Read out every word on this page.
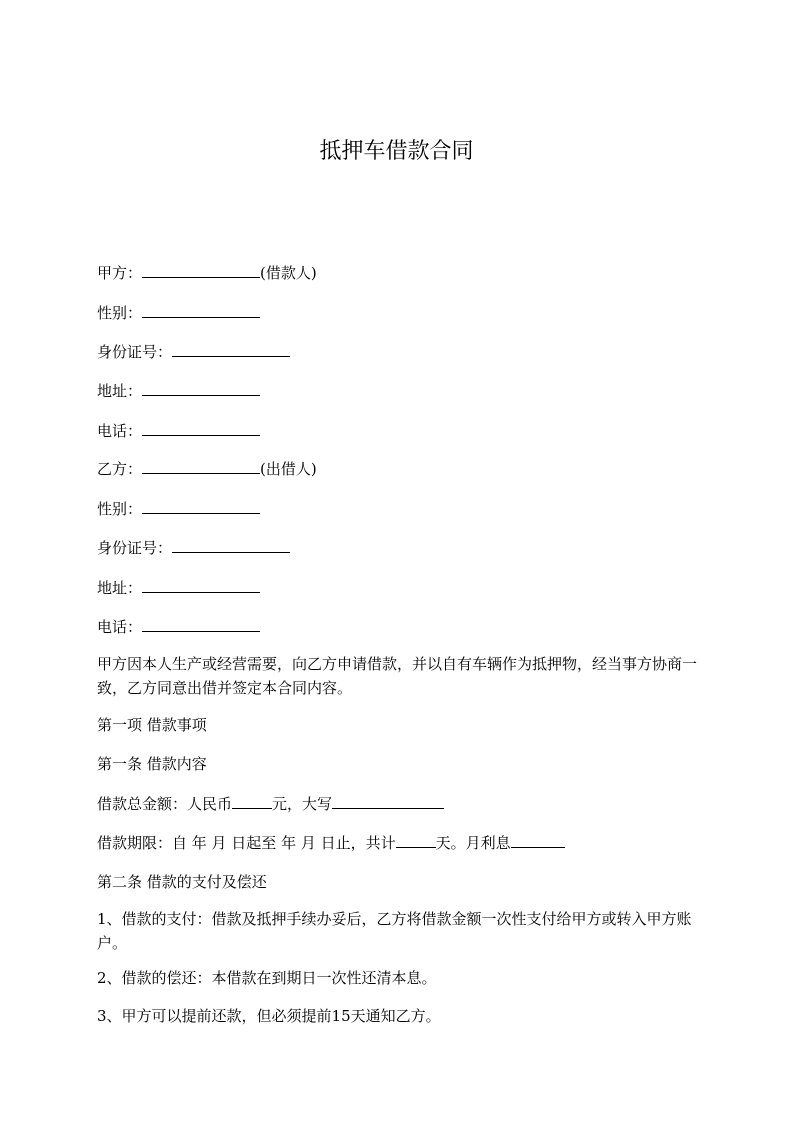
抵押车借款合同
甲方：	(借款人)
性别：
身份证号：
地址：
电话：
乙方：	(出借人)
性别：
身份证号：
地址：
电话：
甲方因本人生产或经营需要，向乙方申请借款，并以自有车辆作为抵押物，经当事方协商一致，乙方同意出借并签定本合同内容。
第一项 借款事项
第一条 借款内容
借款总金额：人民币	元，大写
借款期限：自 年 月 日起至 年 月 日止，共计	天。月利息
第二条 借款的支付及偿还
1、借款的支付：借款及抵押手续办妥后，乙方将借款金额一次性支付给甲方或转入甲方账户。
2、借款的偿还：本借款在到期日一次性还清本息。
3、甲方可以提前还款，但必须提前15天通知乙方。
